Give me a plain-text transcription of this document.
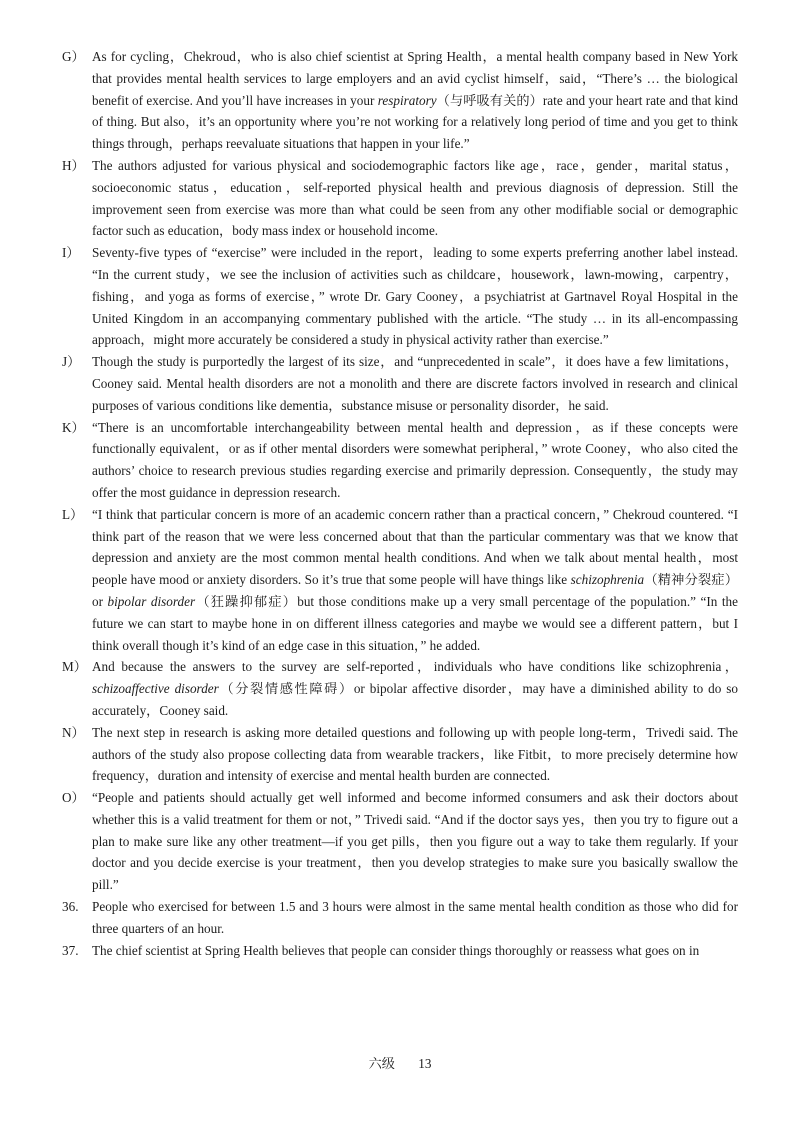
G） As for cycling，Chekroud，who is also chief scientist at Spring Health，a mental health company based in New York that provides mental health services to large employers and an avid cyclist himself，said，“There’s … the biological benefit of exercise. And you’ll have increases in your respiratory（与呼吸有关的）rate and your heart rate and that kind of thing. But also，it’s an opportunity where you’re not working for a relatively long period of time and you get to think things through，perhaps reevaluate situations that happen in your life.”
H） The authors adjusted for various physical and sociodemographic factors like age，race，gender，marital status，socioeconomic status，education，self-reported physical health and previous diagnosis of depression. Still the improvement seen from exercise was more than what could be seen from any other modifiable social or demographic factor such as education，body mass index or household income.
I） Seventy-five types of “exercise” were included in the report，leading to some experts preferring another label instead. “In the current study，we see the inclusion of activities such as childcare，housework，lawn-mowing，carpentry，fishing，and yoga as forms of exercise，” wrote Dr. Gary Cooney，a psychiatrist at Gartnavel Royal Hospital in the United Kingdom in an accompanying commentary published with the article. “The study … in its all-encompassing approach，might more accurately be considered a study in physical activity rather than exercise.”
J） Though the study is purportedly the largest of its size，and “unprecedented in scale”，it does have a few limitations，Cooney said. Mental health disorders are not a monolith and there are discrete factors involved in research and clinical purposes of various conditions like dementia，substance misuse or personality disorder，he said.
K） “There is an uncomfortable interchangeability between mental health and depression，as if these concepts were functionally equivalent，or as if other mental disorders were somewhat peripheral，” wrote Cooney，who also cited the authors’ choice to research previous studies regarding exercise and primarily depression. Consequently，the study may offer the most guidance in depression research.
L） “I think that particular concern is more of an academic concern rather than a practical concern，” Chekroud countered. “I think part of the reason that we were less concerned about that than the particular commentary was that we know that depression and anxiety are the most common mental health conditions. And when we talk about mental health，most people have mood or anxiety disorders. So it’s true that some people will have things like schizophrenia（精神分裂症）or bipolar disorder（狂躁抑郁症）but those conditions make up a very small percentage of the population.” “In the future we can start to maybe hone in on different illness categories and maybe we would see a different pattern，but I think overall though it’s kind of an edge case in this situation，” he added.
M） And because the answers to the survey are self-reported，individuals who have conditions like schizophrenia，schizoaffective disorder（分裂情感性障碍）or bipolar affective disorder，may have a diminished ability to do so accurately，Cooney said.
N） The next step in research is asking more detailed questions and following up with people long-term，Trivedi said. The authors of the study also propose collecting data from wearable trackers，like Fitbit，to more precisely determine how frequency，duration and intensity of exercise and mental health burden are connected.
O） “People and patients should actually get well informed and become informed consumers and ask their doctors about whether this is a valid treatment for them or not，” Trivedi said. “And if the doctor says yes，then you try to figure out a plan to make sure like any other treatment—if you get pills，then you figure out a way to take them regularly. If your doctor and you decide exercise is your treatment，then you develop strategies to make sure you basically swallow the pill.”
36. People who exercised for between 1.5 and 3 hours were almost in the same mental health condition as those who did for three quarters of an hour.
37. The chief scientist at Spring Health believes that people can consider things thoroughly or reassess what goes on in
六级 13
